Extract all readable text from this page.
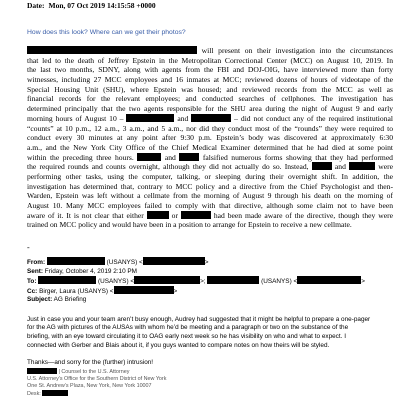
Date: Mon, 07 Oct 2019 14:15:58 +0000
How does this look? Where can we get their photos?
will present on their investigation into the circumstances
that led to the death of Jeffrey Epstein in the Metropolitan Correctional Center (MCC) on August 10, 2019. In
the last two months, SDNY, along with agents from the FBI and DOJ-OIG, have interviewed more than forty
witnesses, including 27 MCC employees and 16 inmates at MCC; reviewed dozens of hours of videotape of the
Special Housing Unit (SHU), where Epstein was housed; and reviewed records from the MCC as well as
financial records for the relevant employees; and conducted searches of cellphones. The investigation has
determined principally that the two agents responsible for the SHU area during the night of August 9 and early
morning hours of August 10 –	and	– did not conduct any of the required institutional
“counts” at 10 p.m., 12 a.m., 3 a.m., and 5 a.m., nor did they conduct most of the “rounds” they were required to
conduct every 30 minutes at any point after 9:30 p.m. Epstein’s body was discovered at approximately 6:30
a.m., and the New York City Office of the Chief Medical Examiner determined that he had died at some point
within the preceding three hours.	and	falsified numerous forms showing that they had performed
the required rounds and counts overnight, although they did not actually do so. Instead,	and	were
performing other tasks, using the computer, talking, or sleeping during their overnight shift. In addition, the
investigation has determined that, contrary to MCC policy and a directive from the Chief Psychologist and then-
Warden, Epstein was left without a cellmate from the morning of August 9 through his death on the morning of
August 10. Many MCC employees failed to comply with that directive, although some claim not to have been
aware of it. It is not clear that either	or	had been made aware of the directive, though they were
trained on MCC policy and would have been in a position to arrange for Epstein to receive a new cellmate.
-
From:	(USANYS) <	>
Sent: Friday, October 4, 2019 2:10 PM
To:	(USANYS) <	>;	(USANYS) <	>
Cc: Birger, Laura (USANYS) <	>
Subject: AG Briefing
Just in case you and your team aren’t busy enough, Audrey had suggested that it might be helpful to prepare a one-pager
for the AG with pictures of the AUSAs with whom he’d be meeting and a paragraph or two on the substance of the
briefing, with an eye toward circulating it to OAG early next week so he has visibility on who and what to expect. I
connected with Gerber and Blais about it, if you guys wanted to compare notes on how theirs will be styled.
Thanks—and sorry for the (further) intrusion!
| Counsel to the U.S. Attorney
U.S. Attorney’s Office for the Southern District of New York
One St. Andrew’s Plaza, New York, New York 10007
Desk:
